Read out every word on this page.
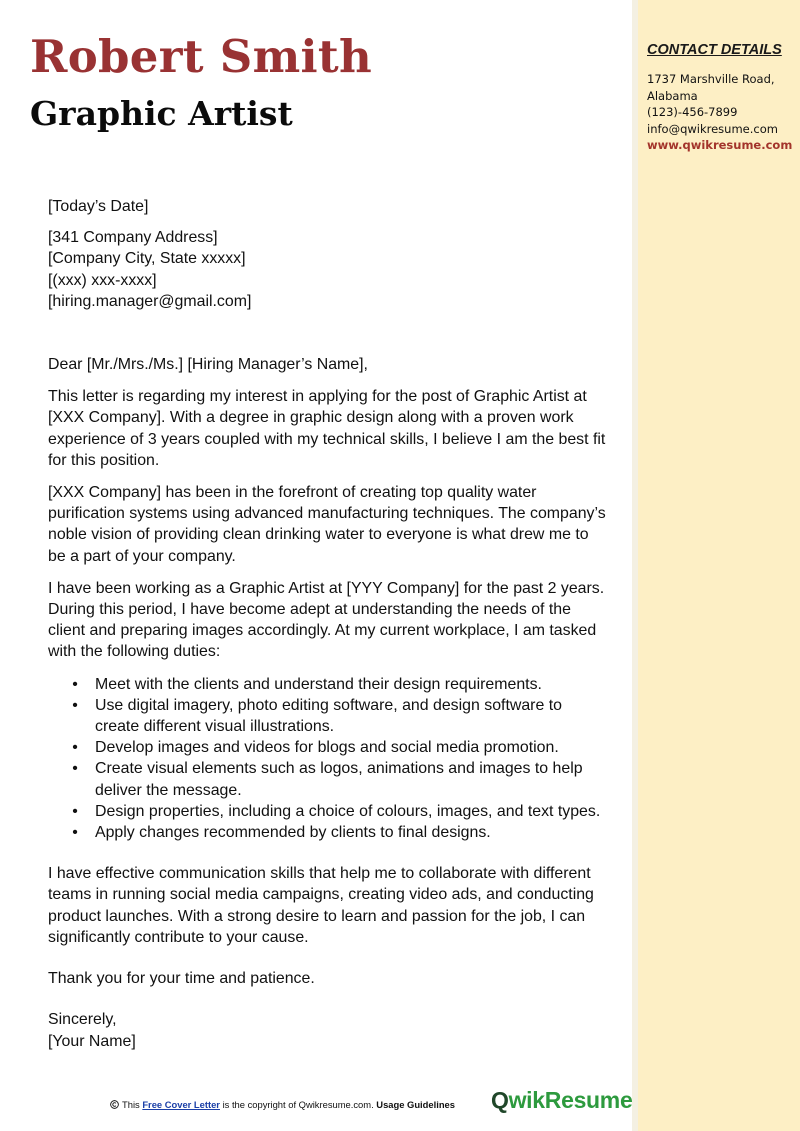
CONTACT DETAILS
1737 Marshville Road,
Alabama
(123)-456-7899
info@qwikresume.com
www.qwikresume.com
Robert Smith
Graphic Artist

[Today’s Date]

[341 Company Address]
[Company City, State xxxxx]
[(xxx) xxx-xxxx]
[hiring.manager@gmail.com]

Dear [Mr./Mrs./Ms.] [Hiring Manager’s Name],

This letter is regarding my interest in applying for the post of Graphic Artist at [XXX Company]. With a degree in graphic design along with a proven work experience of 3 years coupled with my technical skills, I believe I am the best fit for this position.

[XXX Company] has been in the forefront of creating top quality water purification systems using advanced manufacturing techniques. The company’s noble vision of providing clean drinking water to everyone is what drew me to be a part of your company.

I have been working as a Graphic Artist at [YYY Company] for the past 2 years. During this period, I have become adept at understanding the needs of the client and preparing images accordingly. At my current workplace, I am tasked with the following duties:

• Meet with the clients and understand their design requirements.
• Use digital imagery, photo editing software, and design software to create different visual illustrations.
• Develop images and videos for blogs and social media promotion.
• Create visual elements such as logos, animations and images to help deliver the message.
• Design properties, including a choice of colours, images, and text types.
• Apply changes recommended by clients to final designs.

I have effective communication skills that help me to collaborate with different teams in running social media campaigns, creating video ads, and conducting product launches. With a strong desire to learn and passion for the job, I can significantly contribute to your cause.

Thank you for your time and patience.

Sincerely,
[Your Name]
This Free Cover Letter is the copyright of Qwikresume.com. Usage Guidelines QwikResume
